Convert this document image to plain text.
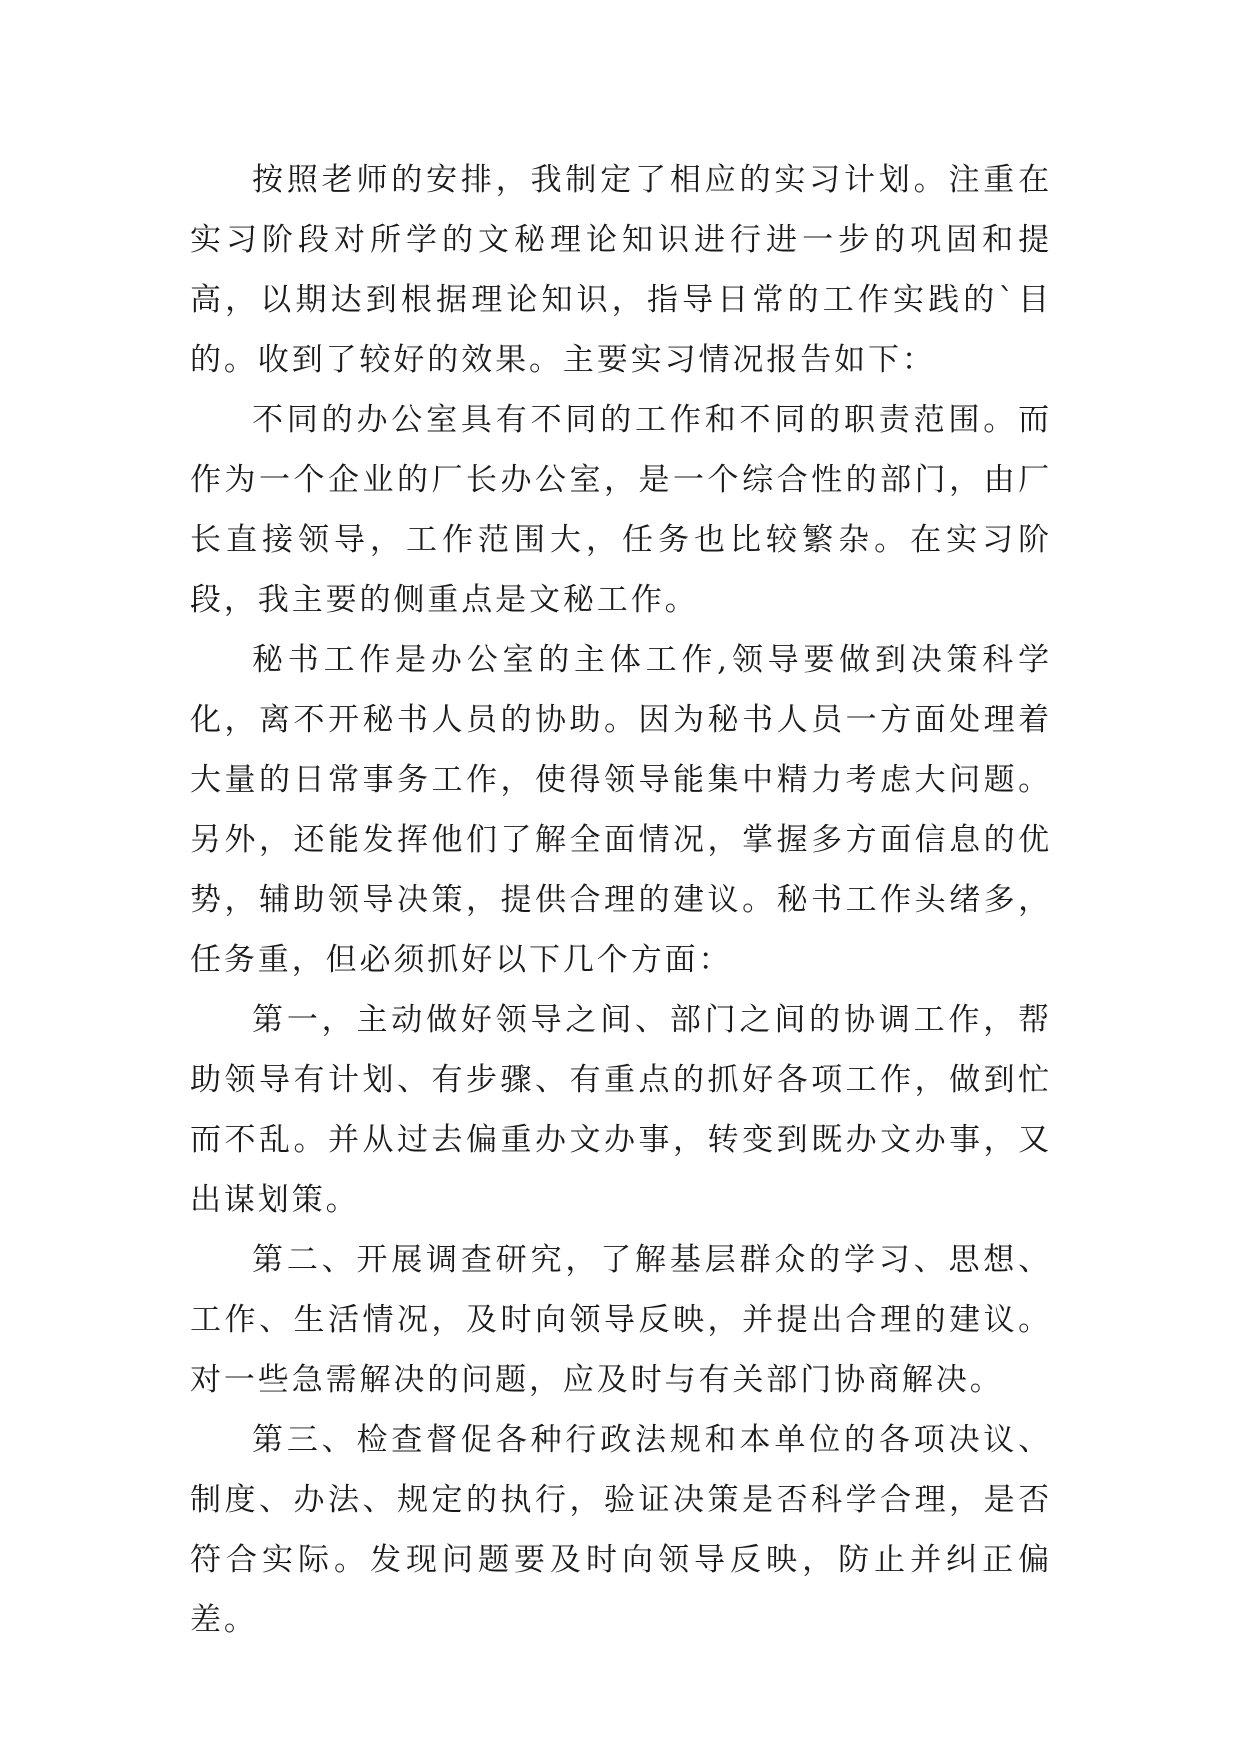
按照老师的安排，我制定了相应的实习计划。注重在实习阶段对所学的文秘理论知识进行进一步的巩固和提高，以期达到根据理论知识，指导日常的工作实践的`目的。收到了较好的效果。主要实习情况报告如下：

不同的办公室具有不同的工作和不同的职责范围。而作为一个企业的厂长办公室，是一个综合性的部门，由厂长直接领导，工作范围大，任务也比较繁杂。在实习阶段，我主要的侧重点是文秘工作。

秘书工作是办公室的主体工作,领导要做到决策科学化，离不开秘书人员的协助。因为秘书人员一方面处理着大量的日常事务工作，使得领导能集中精力考虑大问题。另外，还能发挥他们了解全面情况，掌握多方面信息的优势，辅助领导决策，提供合理的建议。秘书工作头绪多，任务重，但必须抓好以下几个方面：

第一，主动做好领导之间、部门之间的协调工作，帮助领导有计划、有步骤、有重点的抓好各项工作，做到忙而不乱。并从过去偏重办文办事，转变到既办文办事，又出谋划策。

第二、开展调查研究，了解基层群众的学习、思想、工作、生活情况，及时向领导反映，并提出合理的建议。对一些急需解决的问题，应及时与有关部门协商解决。

第三、检查督促各种行政法规和本单位的各项决议、制度、办法、规定的执行，验证决策是否科学合理，是否符合实际。发现问题要及时向领导反映，防止并纠正偏差。
